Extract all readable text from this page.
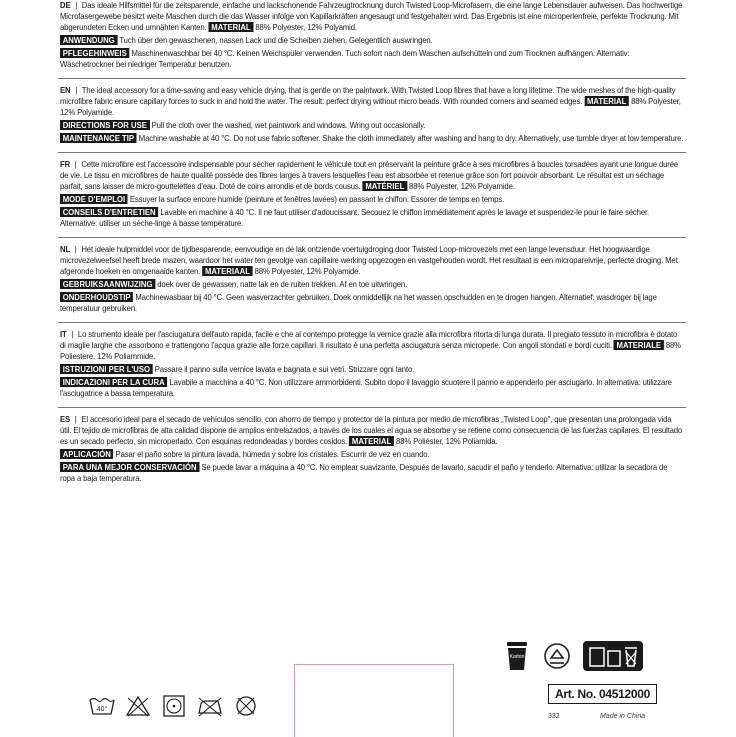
DE | Das ideale Hilfsmittel für die zeitsparende, einfache und lackschonende Fahrzeugtrocknung durch Twisted Loop-Microfasern, die eine lange Lebensdauer aufweisen. Das hochwertige Microfasergewebe besitzt weite Maschen durch die das Wasser infolge von Kapillarkräften angesaugt und festgehalten wird. Das Ergebnis ist eine microperlenfreie, perfekte Trocknung. Mit abgerundeten Ecken und umnähten Kanten. MATERIAL 88% Polyester, 12% Polyamid.
ANWENDUNG Tuch über den gewaschenen, nassen Lack und die Scheiben ziehen. Gelegentlich auswringen.
PFLEGEHINWEIS Maschinenwaschbar bei 40 °C. Keinen Weichspüler verwenden. Tuch sofort nach dem Waschen aufschütteln und zum Trocknen aufhängen. Alternativ: Wäschetrockner bei niedriger Temperatur benutzen.
EN | The ideal accessory for a time-saving and easy vehicle drying, that is gentle on the paintwork. With Twisted Loop fibres that have a long lifetime. The wide meshes of the high-quality microfibre fabric ensure capillary forces to suck in and hold the water. The result: perfect drying without micro beads. With rounded corners and seamed edges. MATERIAL 88% Polyester, 12% Polyamide.
DIRECTIONS FOR USE Pull the cloth over the washed, wet paintwork and windows. Wring out occasionally.
MAINTENANCE TIP Machine washable at 40 °C. Do not use fabric softener. Shake the cloth immediately after washing and hang to dry. Alternatively, use tumble dryer at low temperature.
FR | Cette microfibre est l'accessoire indispensable pour sécher rapidement le véhicule tout en préservant la peinture grâce à ses microfibres à boucles torsadées ayant une longue durée de vie. Le tissu en microfibres de haute qualité possède des fibres larges à travers lesquelles l'eau est absorbée et retenue grâce son fort pouvoir absorbant. Le résultat est un séchage parfait, sans laisser de micro-gouttelettes d'eau. Doté de coins arrondis et de bords cousus. MATÉRIEL 88% Polyester, 12% Polyamide.
MODE D'EMPLOI Essuyer la surface encore humide (peinture et fenêtres lavées) en passant le chiffon. Essorer de temps en temps.
CONSEILS D'ENTRETIEN Lavable en machine à 40 °C. Il ne faut utiliser d'adoucissant. Secouez le chiffon immédiatement après le lavage et suspendez-le pour le faire sécher. Alternative: utiliser un sèche-linge à basse température.
NL | Het ideale hulpmiddel voor de tijdbesparende, eenvoudige en de lak ontziende voertuigdroging door Twisted Loop-microvezels met een lange levensduur. Het hoogwaardige microvezelweefsel heeft brede mazen, waardoor het water ten gevolge van capillaire werking opgezogen en vastgehouden wordt. Het resultaat is een microparelvrije, perfecte droging. Met afgeronde hoeken en omgenaaide kanten. MATERIAAL 88% Polyester, 12% Polyamide.
GEBRUIKSAANWIJZING doek over de gewassen, natte lak en de ruiten trekken. Af en toe uitwringen.
ONDERHOUDSTIP Machinewasbaar bij 40 °C. Geen wasverzachter gebruiken. Doek onmiddellijk na het wassen opschudden en te drogen hangen. Alternatief: wasdroger bij lage temperatuur gebruiken.
IT | Lo strumento ideale per l'asciugatura dell'auto rapida, facile e che al contempo protegge la vernice grazie alla microfibra ritorta di lunga durata. Il pregiato tessuto in microfibra è dotato di maglie larghe che assorbono e trattengono l'acqua grazie alle forze capillari. Il risultato è una perfetta asciugatura senza microperle. Con angoli stondati e bordi cuciti. MATERIALE 88% Poliestere, 12% Poliammide.
ISTRUZIONI PER L'USO Passare il panno sulla vernice lavata e bagnata e sui vetri. Strizzare ogni tanto.
INDICAZIONI PER LA CURA Lavabile a macchina a 40 °C. Non utilizzare ammorbidenti. Subito dopo il lavaggio scuotere il panno e appenderlo per asciugarlo. In alternativa: utilizzare l'asciugatrice a bassa temperatura.
ES | El accesorio ideal para el secado de vehículos sencillo, con ahorro de tiempo y protector de la pintura por medio de microfibras „Twisted Loop", que presentan una prolongada vida útil. El tejido de microfibras de alta calidad dispone de amplios entrelazados, a través de los cuales el agua se absorbe y se retiene como consecuencia de las fuerzas capilares. El resultado es un secado perfecto, sin microperlado. Con esquinas redondeadas y bordes cosidos. MATERIAL 88% Poliéster, 12% Poliamida.
APLICACIÓN Pasar el paño sobre la pintura lavada, húmeda y sobre los cristales. Escurrir de vez en cuando.
PARA UNA MEJOR CONSERVACIÓN Se puede lavar a máquina a 40 °C. No emplear suavizante. Después de lavarlo, sacudir el paño y tenderlo. Alternativa: utilizar la secadora de ropa a baja temperatura.
40°
Karton
Art. No. 04512000
332	Made in China
